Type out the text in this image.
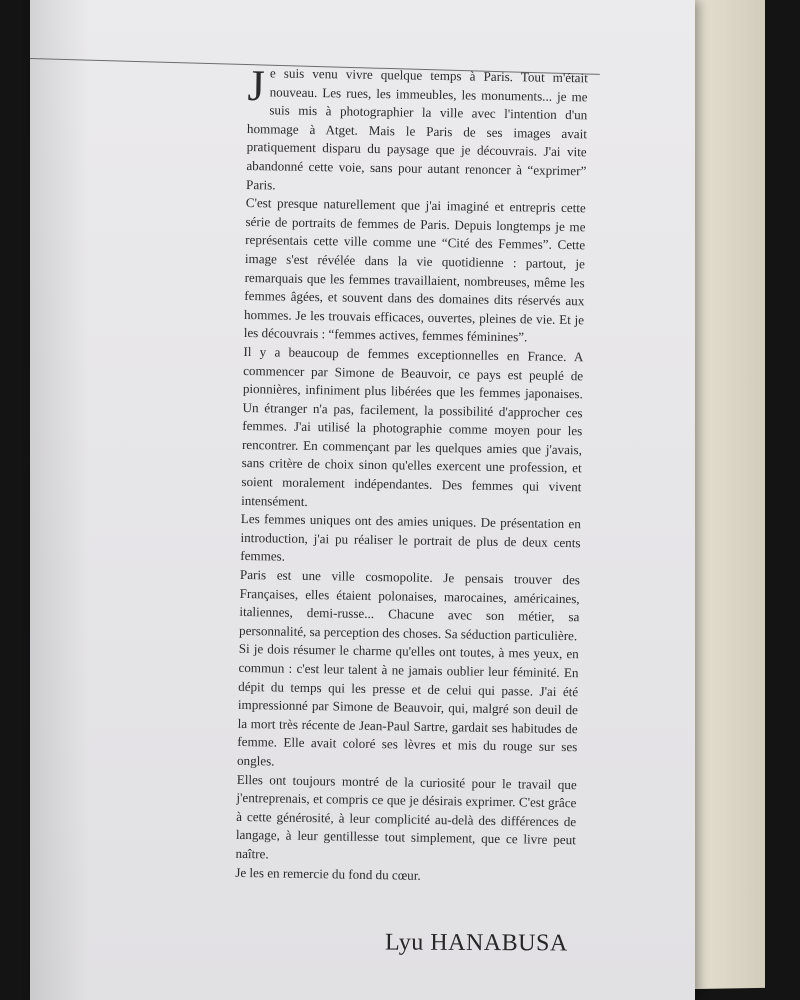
Je suis venu vivre quelque temps à Paris. Tout m'était nouveau. Les rues, les immeubles, les monuments... je me suis mis à photographier la ville avec l'intention d'un hommage à Atget. Mais le Paris de ses images avait pratiquement disparu du paysage que je découvrais. J'ai vite abandonné cette voie, sans pour autant renoncer à “exprimer” Paris.

C'est presque naturellement que j'ai imaginé et entrepris cette série de portraits de femmes de Paris. Depuis longtemps je me représentais cette ville comme une “Cité des Femmes”. Cette image s'est révélée dans la vie quotidienne : partout, je remarquais que les femmes travaillaient, nombreuses, même les femmes âgées, et souvent dans des domaines dits réservés aux hommes. Je les trouvais efficaces, ouvertes, pleines de vie. Et je les découvrais : “femmes actives, femmes féminines”.

Il y a beaucoup de femmes exceptionnelles en France. A commencer par Simone de Beauvoir, ce pays est peuplé de pionnières, infiniment plus libérées que les femmes japonaises. Un étranger n'a pas, facilement, la possibilité d'approcher ces femmes. J'ai utilisé la photographie comme moyen pour les rencontrer. En commençant par les quelques amies que j'avais, sans critère de choix sinon qu'elles exercent une profession, et soient moralement indépendantes. Des femmes qui vivent intensément.

Les femmes uniques ont des amies uniques. De présentation en introduction, j'ai pu réaliser le portrait de plus de deux cents femmes.

Paris est une ville cosmopolite. Je pensais trouver des Françaises, elles étaient polonaises, marocaines, américaines, italiennes, demi-russe... Chacune avec son métier, sa personnalité, sa perception des choses. Sa séduction particulière.

Si je dois résumer le charme qu'elles ont toutes, à mes yeux, en commun : c'est leur talent à ne jamais oublier leur féminité. En dépit du temps qui les presse et de celui qui passe. J'ai été impressionné par Simone de Beauvoir, qui, malgré son deuil de la mort très récente de Jean-Paul Sartre, gardait ses habitudes de femme. Elle avait coloré ses lèvres et mis du rouge sur ses ongles.

Elles ont toujours montré de la curiosité pour le travail que j'entreprenais, et compris ce que je désirais exprimer. C'est grâce à cette générosité, à leur complicité au-delà des différences de langage, à leur gentillesse tout simplement, que ce livre peut naître.

Je les en remercie du fond du cœur.

Lyu HANABUSA
